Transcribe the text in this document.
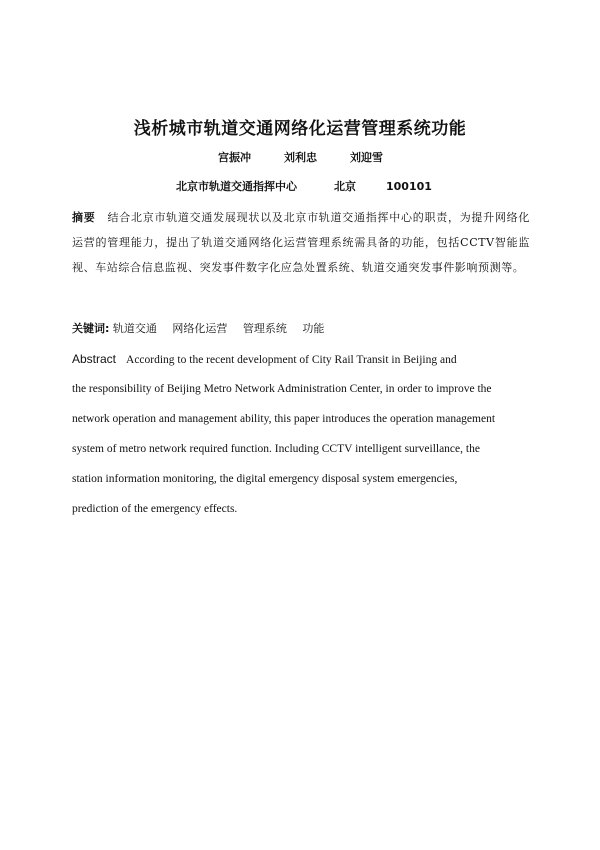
浅析城市轨道交通网络化运营管理系统功能
宫振冲	刘利忠	刘迎雪
北京市轨道交通指挥中心	北京	100101
摘要 结合北京市轨道交通发展现状以及北京市轨道交通指挥中心的职责，为提升网络化运营的管理能力，提出了轨道交通网络化运营管理系统需具备的功能，包括CCTV智能监视、车站综合信息监视、突发事件数字化应急处置系统、轨道交通突发事件影响预测等。
关键词: 轨道交通 网络化运营 管理系统 功能
Abstract According to the recent development of City Rail Transit in Beijing and
the responsibility of Beijing Metro Network Administration Center, in order to improve the
network operation and management ability, this paper introduces the operation management
system of metro network required function. Including CCTV intelligent surveillance, the
station information monitoring, the digital emergency disposal system emergencies,
prediction of the emergency effects.
